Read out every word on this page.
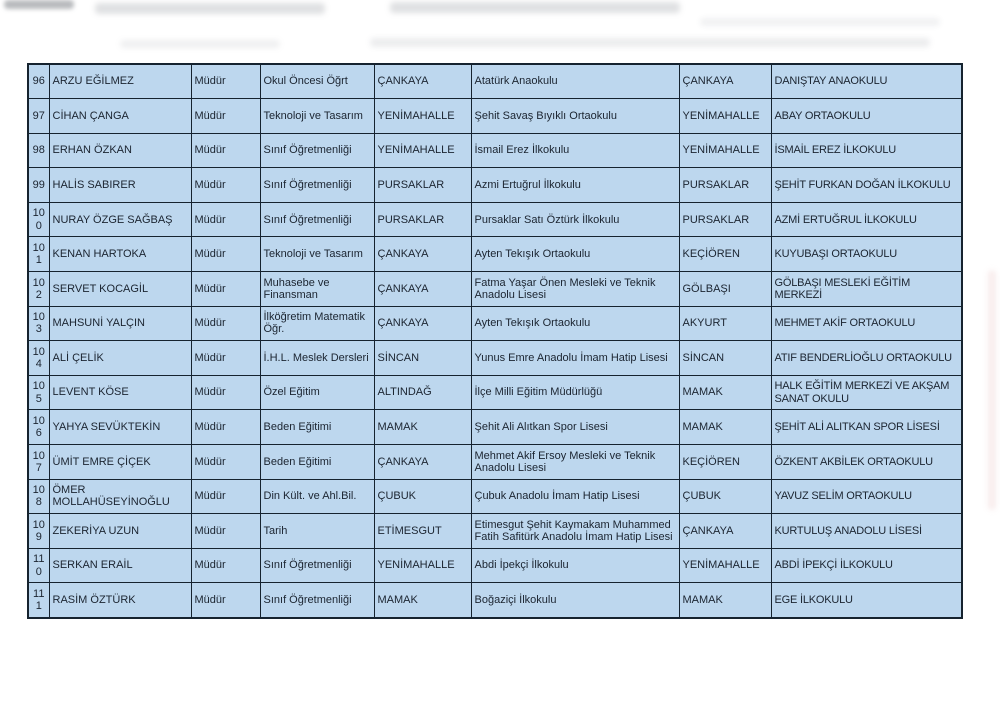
96	ARZU EĞİLMEZ	Müdür	Okul Öncesi Öğrt	ÇANKAYA	Atatürk Anaokulu	ÇANKAYA	DANIŞTAY ANAOKULU
97	CİHAN ÇANGA	Müdür	Teknoloji ve Tasarım	YENİMAHALLE	Şehit Savaş Bıyıklı Ortaokulu	YENİMAHALLE	ABAY ORTAOKULU
98	ERHAN ÖZKAN	Müdür	Sınıf Öğretmenliği	YENİMAHALLE	İsmail Erez İlkokulu	YENİMAHALLE	İSMAİL EREZ İLKOKULU
99	HALİS SABIRER	Müdür	Sınıf Öğretmenliği	PURSAKLAR	Azmi Ertuğrul İlkokulu	PURSAKLAR	ŞEHİT FURKAN DOĞAN İLKOKULU
100	NURAY ÖZGE SAĞBAŞ	Müdür	Sınıf Öğretmenliği	PURSAKLAR	Pursaklar Satı Öztürk İlkokulu	PURSAKLAR	AZMİ ERTUĞRUL İLKOKULU
101	KENAN HARTOKA	Müdür	Teknoloji ve Tasarım	ÇANKAYA	Ayten Tekışık Ortaokulu	KEÇİÖREN	KUYUBAŞI ORTAOKULU
102	SERVET KOCAGİL	Müdür	Muhasebe ve Finansman	ÇANKAYA	Fatma Yaşar Önen Mesleki ve Teknik Anadolu Lisesi	GÖLBAŞI	GÖLBAŞI MESLEKİ EĞİTİM MERKEZİ
103	MAHSUNİ YALÇIN	Müdür	İlköğretim Matematik Öğr.	ÇANKAYA	Ayten Tekışık Ortaokulu	AKYURT	MEHMET AKİF ORTAOKULU
104	ALİ ÇELİK	Müdür	İ.H.L. Meslek Dersleri	SİNCAN	Yunus Emre Anadolu İmam Hatip Lisesi	SİNCAN	ATIF BENDERLİOĞLU ORTAOKULU
105	LEVENT KÖSE	Müdür	Özel Eğitim	ALTINDAĞ	İlçe Milli Eğitim Müdürlüğü	MAMAK	HALK EĞİTİM MERKEZİ VE AKŞAM SANAT OKULU
106	YAHYA SEVÜKTEKİN	Müdür	Beden Eğitimi	MAMAK	Şehit Ali Alıtkan Spor Lisesi	MAMAK	ŞEHİT ALİ ALITKAN SPOR LİSESİ
107	ÜMİT EMRE ÇİÇEK	Müdür	Beden Eğitimi	ÇANKAYA	Mehmet Akif Ersoy Mesleki ve Teknik Anadolu Lisesi	KEÇİÖREN	ÖZKENT AKBİLEK ORTAOKULU
108	ÖMER MOLLAHÜSEYİNOĞLU	Müdür	Din Kült. ve Ahl.Bil.	ÇUBUK	Çubuk Anadolu İmam Hatip Lisesi	ÇUBUK	YAVUZ SELİM ORTAOKULU
109	ZEKERİYA UZUN	Müdür	Tarih	ETİMESGUT	Etimesgut Şehit Kaymakam Muhammed Fatih Safitürk Anadolu İmam Hatip Lisesi	ÇANKAYA	KURTULUŞ ANADOLU LİSESİ
110	SERKAN ERAİL	Müdür	Sınıf Öğretmenliği	YENİMAHALLE	Abdi İpekçi İlkokulu	YENİMAHALLE	ABDİ İPEKÇİ İLKOKULU
111	RASİM ÖZTÜRK	Müdür	Sınıf Öğretmenliği	MAMAK	Boğaziçi İlkokulu	MAMAK	EGE İLKOKULU
